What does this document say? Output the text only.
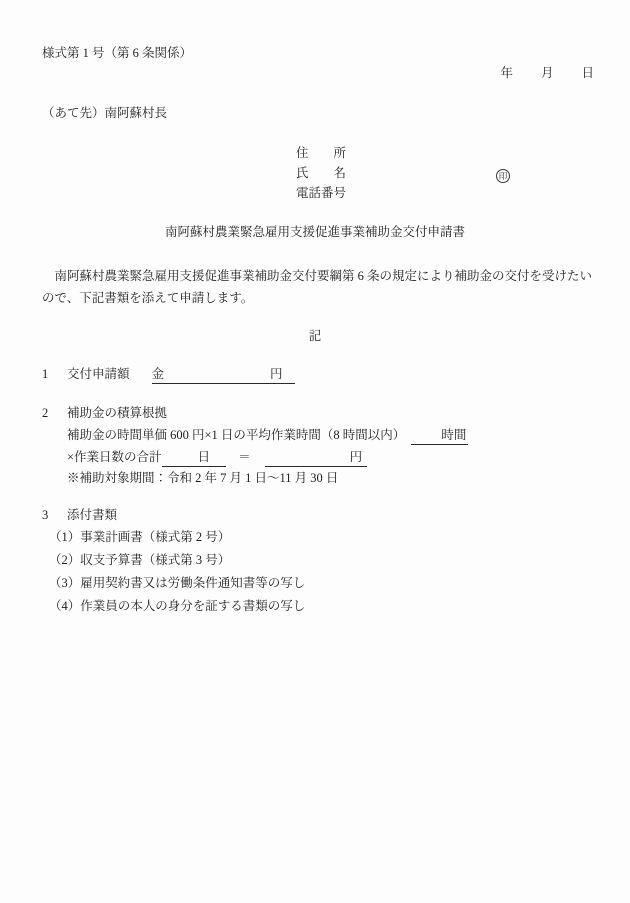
様式第 1 号（第 6 条関係）
年 月 日
（あて先）南阿蘇村長
住　　所
氏　　名	印
電話番号
南阿蘇村農業緊急雇用支援促進事業補助金交付申請書
南阿蘇村農業緊急雇用支援促進事業補助金交付要綱第 6 条の規定により補助金の交付を受けたいので、下記書類を添えて申請します。
記
1 交付申請額 金	円
2 補助金の積算根拠
補助金の時間単価 600 円×1 日の平均作業時間（8 時間以内）	時間
×作業日数の合計	日 ＝	円
※補助対象期間：令和 2 年 7 月 1 日～11 月 30 日
3 添付書類
（1）事業計画書（様式第 2 号）
（2）収支予算書（様式第 3 号）
（3）雇用契約書又は労働条件通知書等の写し
（4）作業員の本人の身分を証する書類の写し
